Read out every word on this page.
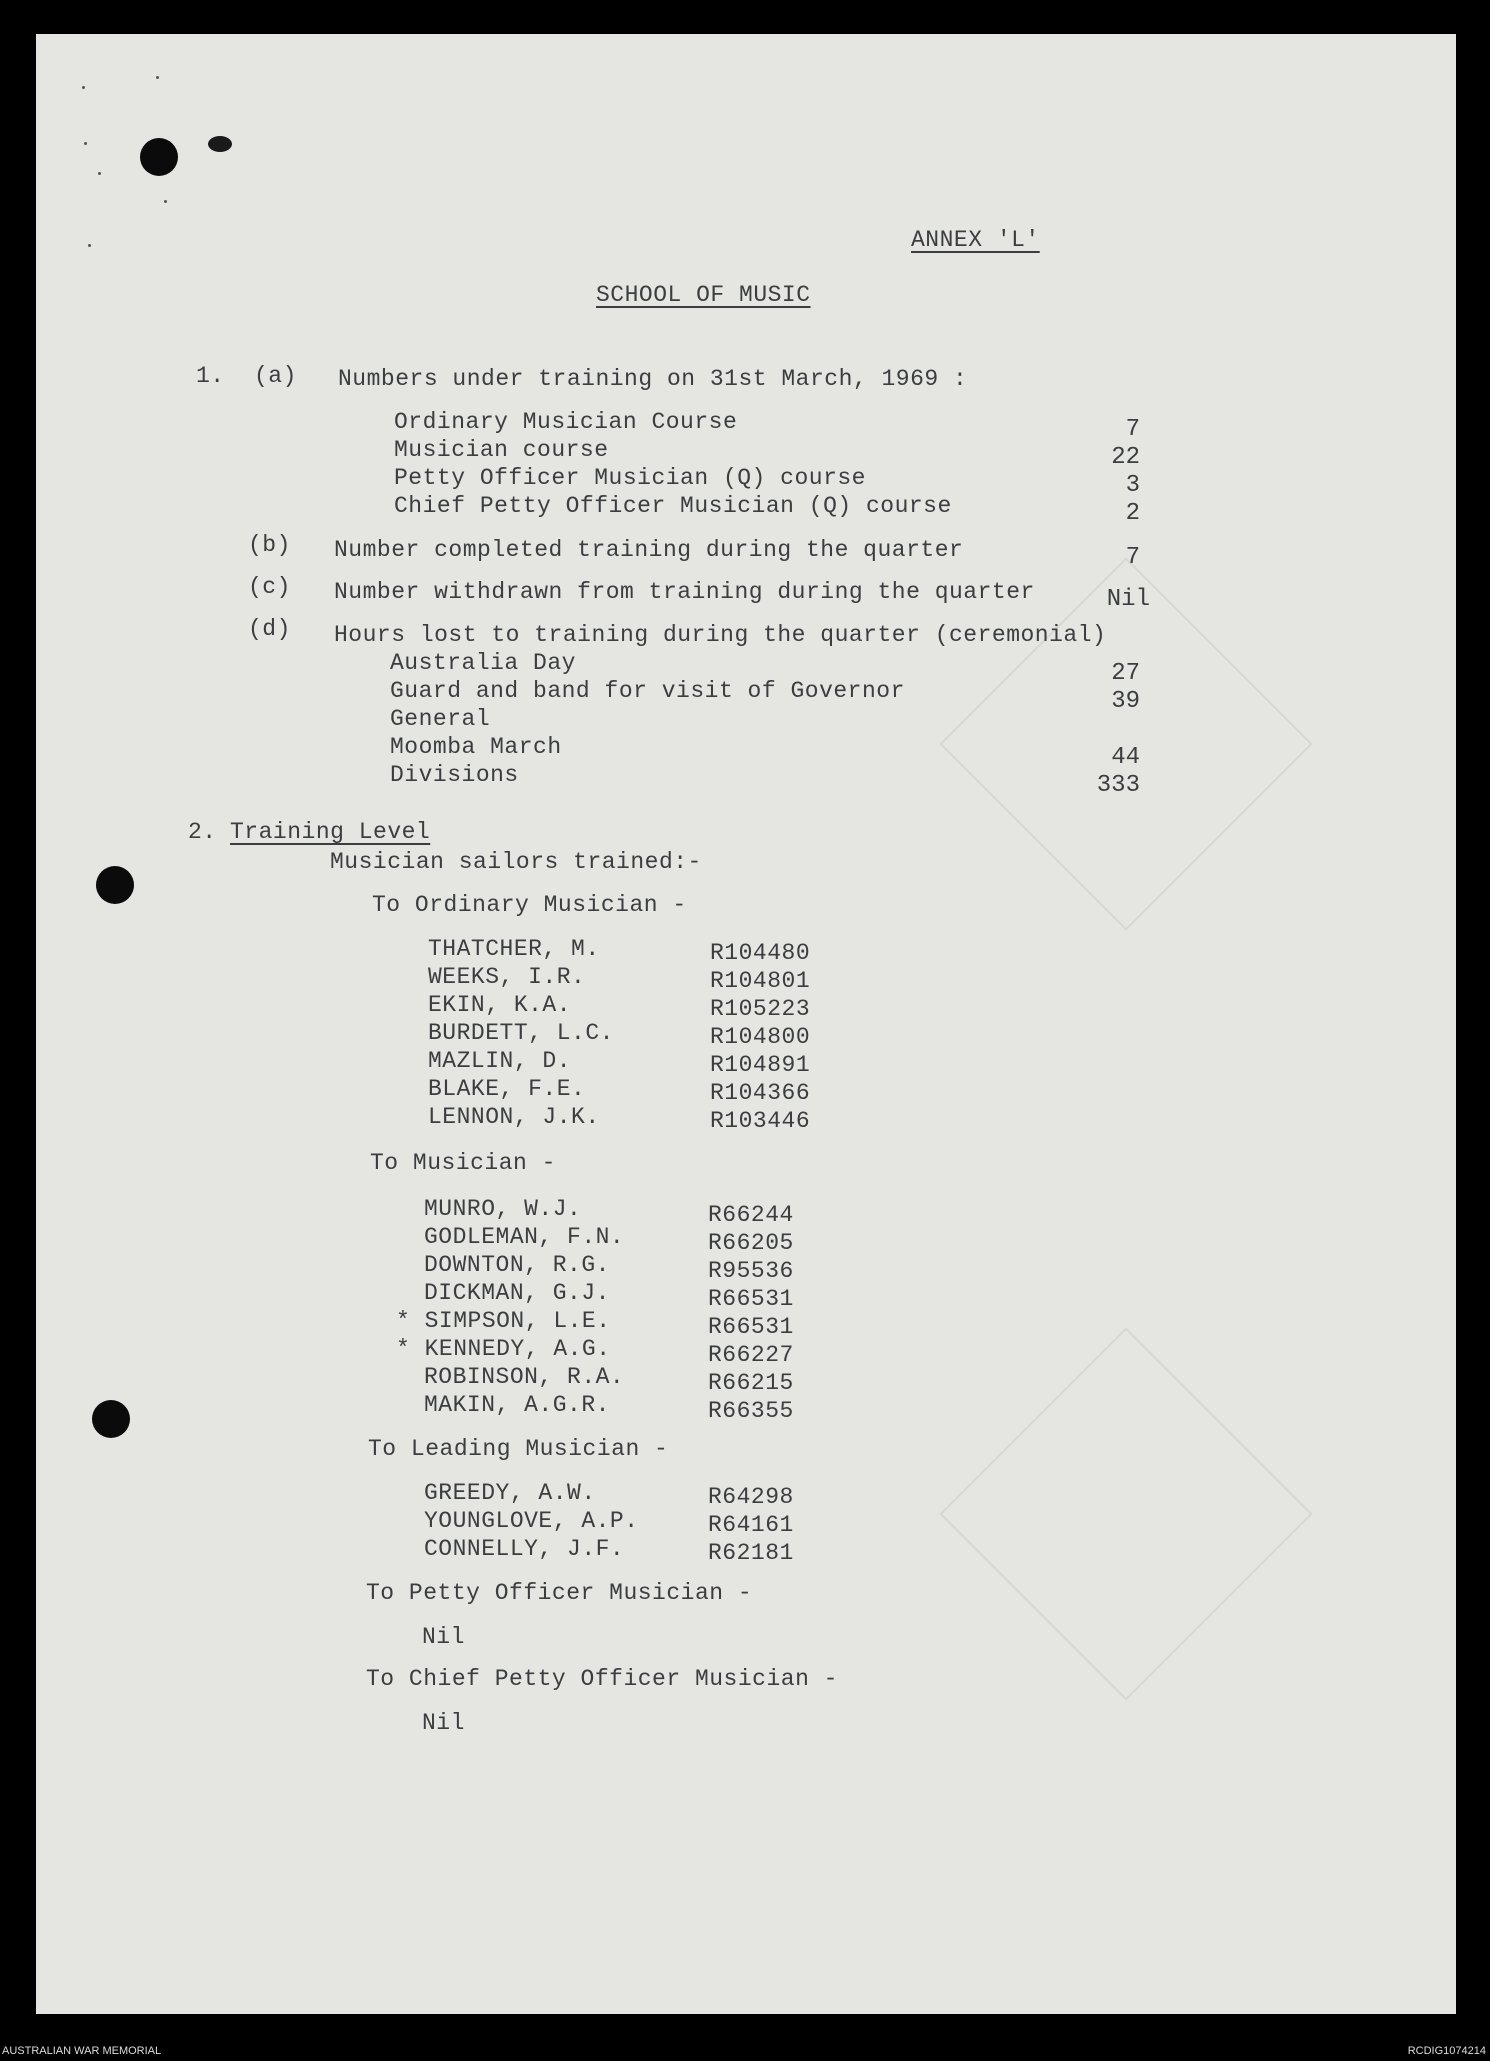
ANNEX 'L'
SCHOOL OF MUSIC
1. (a) Numbers under training on 31st March, 1969 :
Ordinary Musician Course	7
Musician course	22
Petty Officer Musician (Q) course	3
Chief Petty Officer Musician (Q) course	2
(b) Number completed training during the quarter	7
(c) Number withdrawn from training during the quarter	Nil
(d) Hours lost to training during the quarter (ceremonial)
Australia Day	27
Guard and band for visit of Governor	39
General
Moomba March	44
Divisions	333
2. Training Level
Musician sailors trained:-
To Ordinary Musician -
THATCHER, M.	R104480
WEEKS, I.R.	R104801
EKIN, K.A.	R105223
BURDETT, L.C.	R104800
MAZLIN, D.	R104891
BLAKE, F.E.	R104366
LENNON, J.K.	R103446
To Musician -
MUNRO, W.J.	R66244
GODLEMAN, F.N.	R66205
DOWNTON, R.G.	R95536
DICKMAN, G.J.	R66531
* SIMPSON, L.E.	R66531
* KENNEDY, A.G.	R66227
ROBINSON, R.A.	R66215
MAKIN, A.G.R.	R66355
To Leading Musician -
GREEDY, A.W.	R64298
YOUNGLOVE, A.P.	R64161
CONNELLY, J.F.	R62181
To Petty Officer Musician -
Nil
To Chief Petty Officer Musician -
Nil
AUSTRALIAN WAR MEMORIAL	RCDIG1074214
